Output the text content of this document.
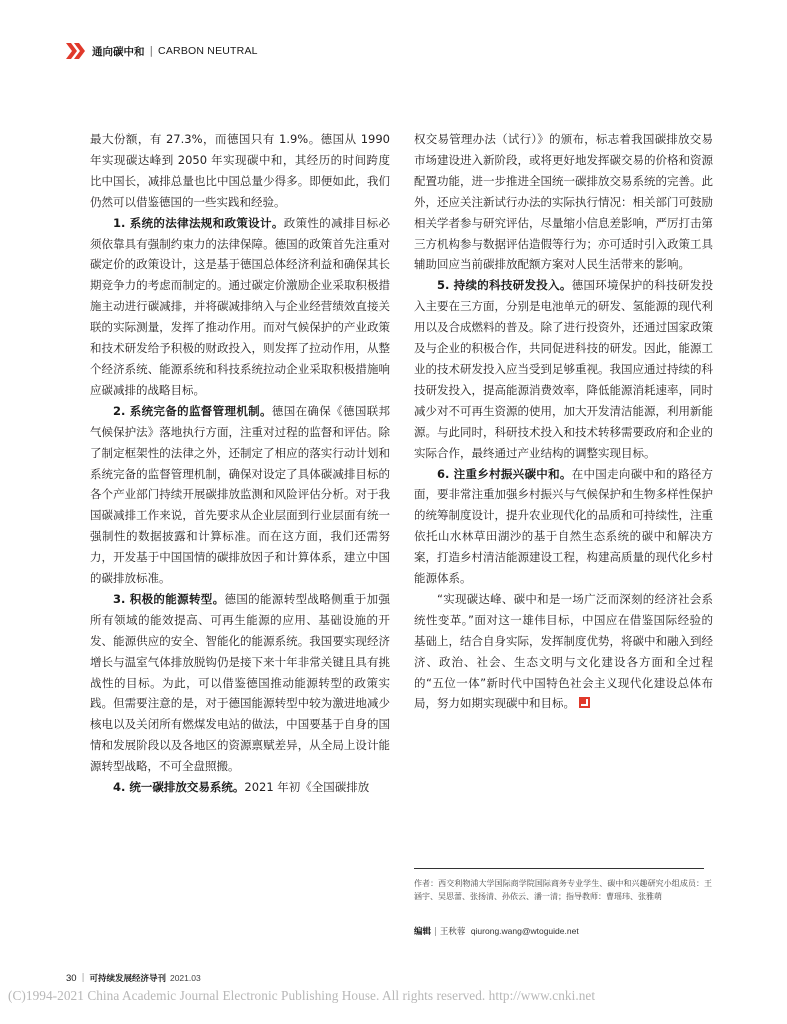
通向碳中和 | CARBON NEUTRAL

最大份额，有 27.3%，而德国只有 1.9%。德国从 1990 年实现碳达峰到 2050 年实现碳中和，其经历的时间跨度比中国长，减排总量也比中国总量少得多。即便如此，我们仍然可以借鉴德国的一些实践和经验。

1. 系统的法律法规和政策设计。政策性的减排目标必须依靠具有强制约束力的法律保障。德国的政策首先注重对碳定价的政策设计，这是基于德国总体经济利益和确保其长期竞争力的考虑而制定的。通过碳定价激励企业采取积极措施主动进行碳减排，并将碳减排纳入与企业经营绩效直接关联的实际测量，发挥了推动作用。而对气候保护的产业政策和技术研发给予积极的财政投入，则发挥了拉动作用，从整个经济系统、能源系统和科技系统拉动企业采取积极措施响应碳减排的战略目标。

2. 系统完备的监督管理机制。德国在确保《德国联邦气候保护法》落地执行方面，注重对过程的监督和评估。除了制定框架性的法律之外，还制定了相应的落实行动计划和系统完备的监督管理机制，确保对设定了具体碳减排目标的各个产业部门持续开展碳排放监测和风险评估分析。对于我国碳减排工作来说，首先要求从企业层面到行业层面有统一强制性的数据披露和计算标准。而在这方面，我们还需努力，开发基于中国国情的碳排放因子和计算体系，建立中国的碳排放标准。

3. 积极的能源转型。德国的能源转型战略侧重于加强所有领域的能效提高、可再生能源的应用、基础设施的开发、能源供应的安全、智能化的能源系统。我国要实现经济增长与温室气体排放脱钩仍是接下来十年非常关键且具有挑战性的目标。为此，可以借鉴德国推动能源转型的政策实践。但需要注意的是，对于德国能源转型中较为激进地减少核电以及关闭所有燃煤发电站的做法，中国要基于自身的国情和发展阶段以及各地区的资源禀赋差异，从全局上设计能源转型战略，不可全盘照搬。

4. 统一碳排放交易系统。2021 年初《全国碳排放

权交易管理办法（试行）》的颁布，标志着我国碳排放交易市场建设进入新阶段，或将更好地发挥碳交易的价格和资源配置功能，进一步推进全国统一碳排放交易系统的完善。此外，还应关注新试行办法的实际执行情况：相关部门可鼓励相关学者参与研究评估，尽量缩小信息差影响，严厉打击第三方机构参与数据评估造假等行为；亦可适时引入政策工具辅助回应当前碳排放配额方案对人民生活带来的影响。

5. 持续的科技研发投入。德国环境保护的科技研发投入主要在三方面，分别是电池单元的研发、氢能源的现代利用以及合成燃料的普及。除了进行投资外，还通过国家政策及与企业的积极合作，共同促进科技的研发。因此，能源工业的技术研发投入应当受到足够重视。我国应通过持续的科技研发投入，提高能源消费效率，降低能源消耗速率，同时减少对不可再生资源的使用，加大开发清洁能源，利用新能源。与此同时，科研技术投入和技术转移需要政府和企业的实际合作，最终通过产业结构的调整实现目标。

6. 注重乡村振兴碳中和。在中国走向碳中和的路径方面，要非常注重加强乡村振兴与气候保护和生物多样性保护的统筹制度设计，提升农业现代化的品质和可持续性，注重依托山水林草田湖沙的基于自然生态系统的碳中和解决方案，打造乡村清洁能源建设工程，构建高质量的现代化乡村能源体系。

“实现碳达峰、碳中和是一场广泛而深刻的经济社会系统性变革。”面对这一雄伟目标，中国应在借鉴国际经验的基础上，结合自身实际，发挥制度优势，将碳中和融入到经济、政治、社会、生态文明与文化建设各方面和全过程的“五位一体”新时代中国特色社会主义现代化建设总体布局，努力如期实现碳中和目标。

作者：西交利物浦大学国际商学院国际商务专业学生、碳中和兴趣研究小组成员：王涵宇、吴思蕾、张扬清、孙依云、潘一清；指导教师：曹瑶玮、张雅萌
编辑 | 王秋蓉 qiurong.wang@wtoguide.net
30 | 可持续发展经济导刊 2021.03
(C)1994-2021 China Academic Journal Electronic Publishing House. All rights reserved. http://www.cnki.net
